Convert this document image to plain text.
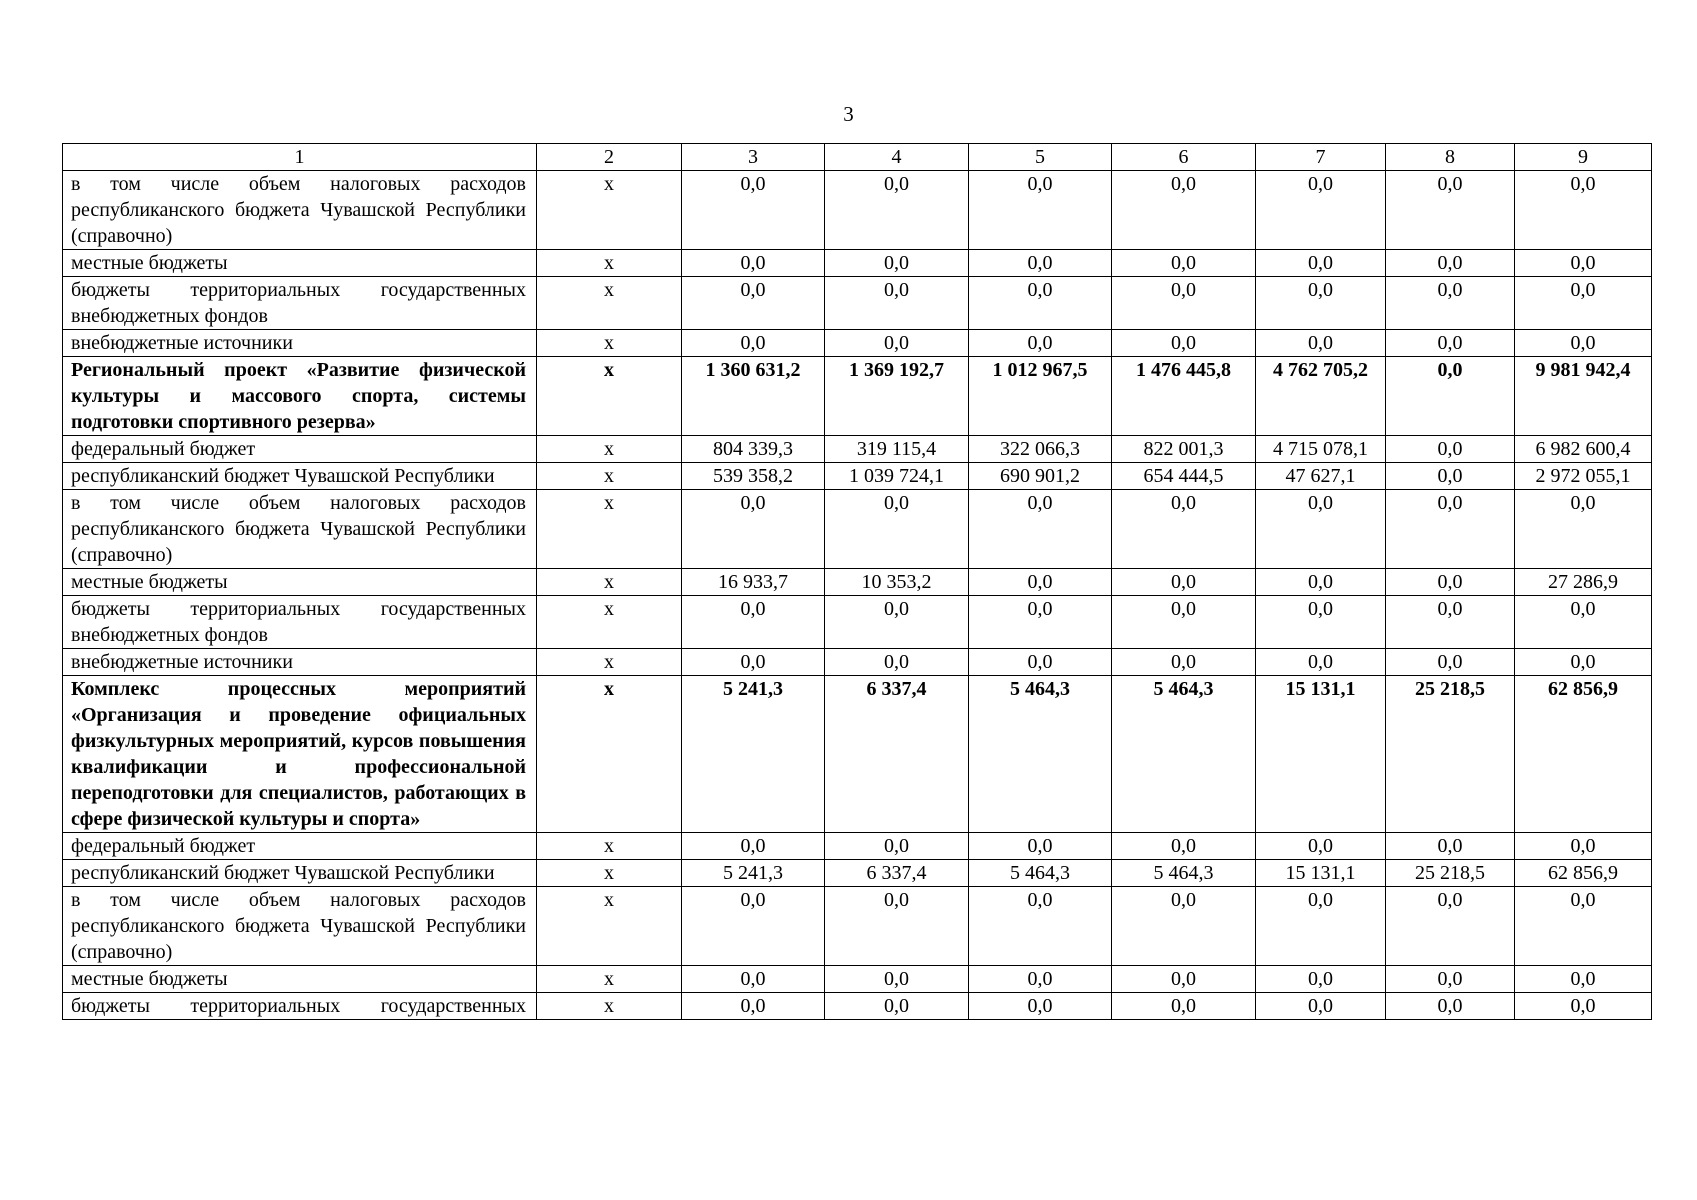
3
1	2	3	4	5	6	7	8	9
в том числе объем налоговых расходов республиканского бюджета Чувашской Республики (справочно)	х	0,0	0,0	0,0	0,0	0,0	0,0	0,0
местные бюджеты	х	0,0	0,0	0,0	0,0	0,0	0,0	0,0
бюджеты территориальных государственных внебюджетных фондов	х	0,0	0,0	0,0	0,0	0,0	0,0	0,0
внебюджетные источники	х	0,0	0,0	0,0	0,0	0,0	0,0	0,0
Региональный проект «Развитие физической культуры и массового спорта, системы подготовки спортивного резерва»	х	1 360 631,2	1 369 192,7	1 012 967,5	1 476 445,8	4 762 705,2	0,0	9 981 942,4
федеральный бюджет	х	804 339,3	319 115,4	322 066,3	822 001,3	4 715 078,1	0,0	6 982 600,4
республиканский бюджет Чувашской Республики	х	539 358,2	1 039 724,1	690 901,2	654 444,5	47 627,1	0,0	2 972 055,1
в том числе объем налоговых расходов республиканского бюджета Чувашской Республики (справочно)	х	0,0	0,0	0,0	0,0	0,0	0,0	0,0
местные бюджеты	х	16 933,7	10 353,2	0,0	0,0	0,0	0,0	27 286,9
бюджеты территориальных государственных внебюджетных фондов	х	0,0	0,0	0,0	0,0	0,0	0,0	0,0
внебюджетные источники	х	0,0	0,0	0,0	0,0	0,0	0,0	0,0
Комплекс процессных мероприятий «Организация и проведение официальных физкультурных мероприятий, курсов повышения квалификации и профессиональной переподготовки для специалистов, работающих в сфере физической культуры и спорта»	х	5 241,3	6 337,4	5 464,3	5 464,3	15 131,1	25 218,5	62 856,9
федеральный бюджет	х	0,0	0,0	0,0	0,0	0,0	0,0	0,0
республиканский бюджет Чувашской Республики	х	5 241,3	6 337,4	5 464,3	5 464,3	15 131,1	25 218,5	62 856,9
в том числе объем налоговых расходов республиканского бюджета Чувашской Республики (справочно)	х	0,0	0,0	0,0	0,0	0,0	0,0	0,0
местные бюджеты	х	0,0	0,0	0,0	0,0	0,0	0,0	0,0
бюджеты территориальных государственных	х	0,0	0,0	0,0	0,0	0,0	0,0	0,0
